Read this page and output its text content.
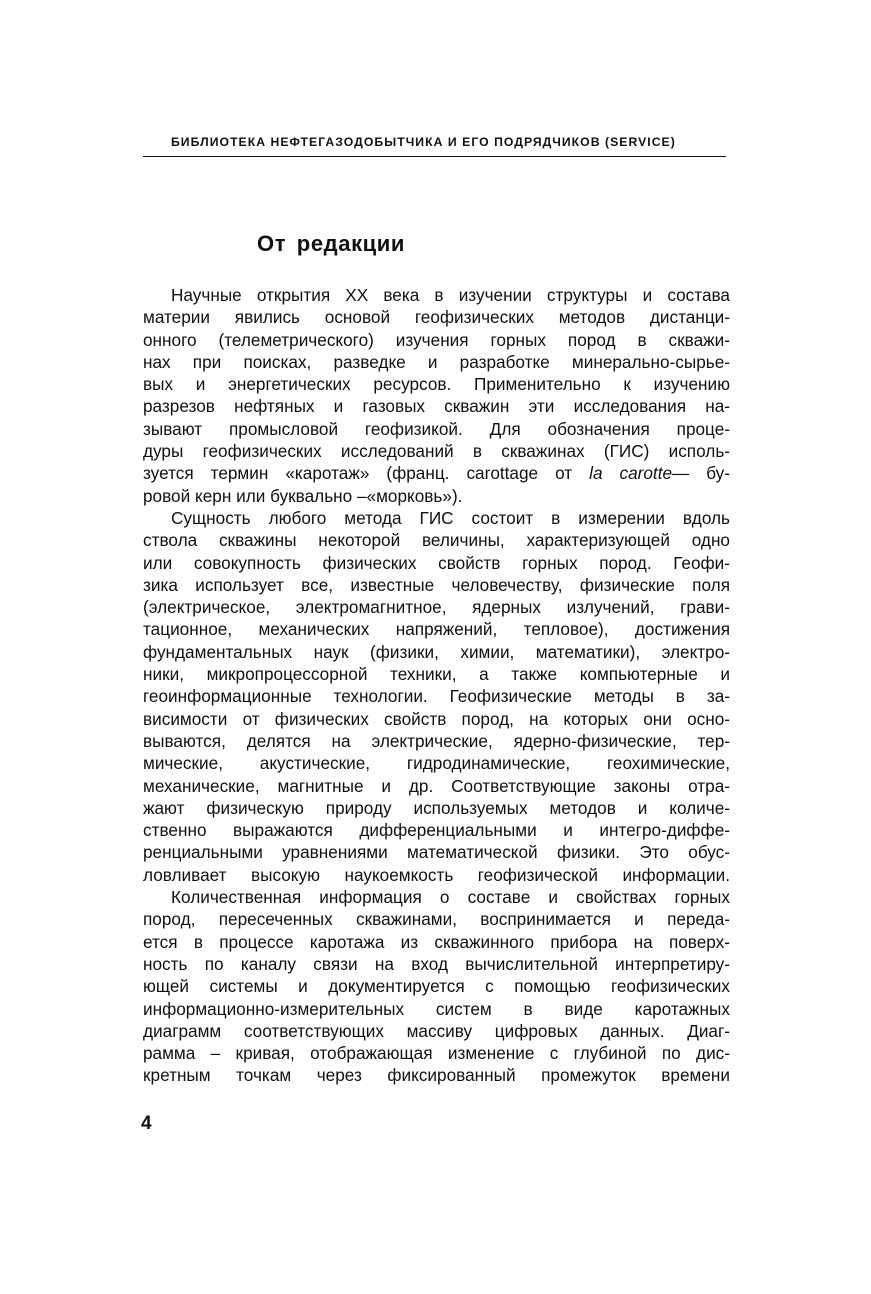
БИБЛИОТЕКА НЕФТЕГАЗОДОБЫТЧИКА И ЕГО ПОДРЯДЧИКОВ (SERVICE)
От редакции
Научные открытия XX века в изучении структуры и состава
материи явились основой геофизических методов дистанци-
онного (телеметрического) изучения горных пород в скважи-
нах при поисках, разведке и разработке минерально-сырье-
вых и энергетических ресурсов. Применительно к изучению
разрезов нефтяных и газовых скважин эти исследования на-
зывают промысловой геофизикой. Для обозначения проце-
дуры геофизических исследований в скважинах (ГИС) исполь-
зуется термин «каротаж» (франц. carottage от la carotte— бу-
ровой керн или буквально –«морковь»).
Сущность любого метода ГИС состоит в измерении вдоль
ствола скважины некоторой величины, характеризующей одно
или совокупность физических свойств горных пород. Геофи-
зика использует все, известные человечеству, физические поля
(электрическое, электромагнитное, ядерных излучений, грави-
тационное, механических напряжений, тепловое), достижения
фундаментальных наук (физики, химии, математики), электро-
ники, микропроцессорной техники, а также компьютерные и
геоинформационные технологии. Геофизические методы в за-
висимости от физических свойств пород, на которых они осно-
вываются, делятся на электрические, ядерно-физические, тер-
мические, акустические, гидродинамические, геохимические,
механические, магнитные и др. Соответствующие законы отра-
жают физическую природу используемых методов и количе-
ственно выражаются дифференциальными и интегро-диффе-
ренциальными уравнениями математической физики. Это обус-
ловливает высокую наукоемкость геофизической информации.
Количественная информация о составе и свойствах горных
пород, пересеченных скважинами, воспринимается и переда-
ется в процессе каротажа из скважинного прибора на поверх-
ность по каналу связи на вход вычислительной интерпретиру-
ющей системы и документируется с помощью геофизических
информационно-измерительных систем в виде каротажных
диаграмм соответствующих массиву цифровых данных. Диаг-
рамма – кривая, отображающая изменение с глубиной по дис-
кретным точкам через фиксированный промежуток времени
4
